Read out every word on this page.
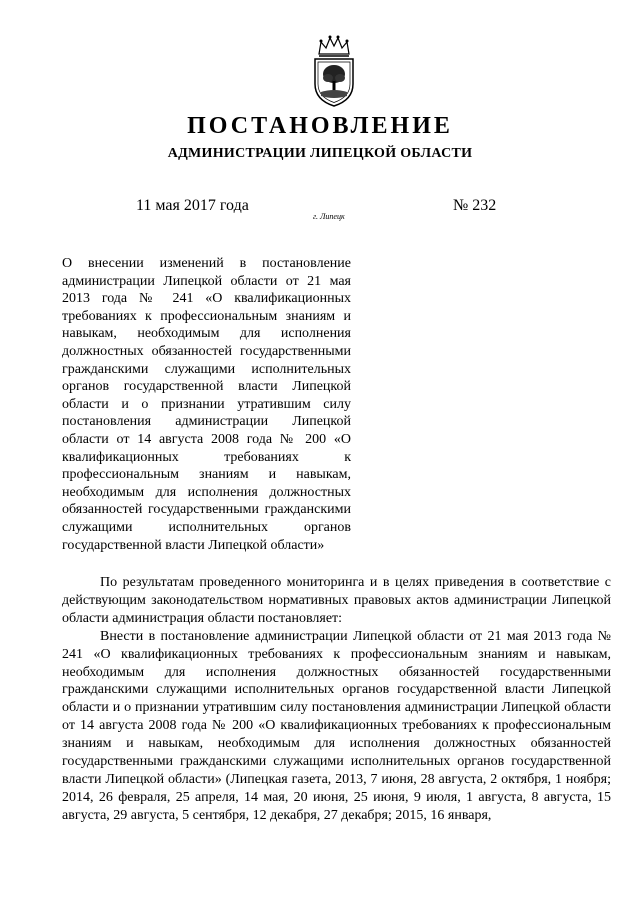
ПОСТАНОВЛЕНИЕ
АДМИНИСТРАЦИИ ЛИПЕЦКОЙ ОБЛАСТИ
11 мая 2017 года
г. Липецк
№ 232
О внесении изменений в постановление администрации Липецкой области от 21 мая 2013 года № 241 «О квалификационных требованиях к профессиональным знаниям и навыкам, необходимым для исполнения должностных обязанностей государственными гражданскими служащими исполнительных органов государственной власти Липецкой области и о признании утратившим силу постановления администрации Липецкой области от 14 августа 2008 года № 200 «О квалификационных требованиях к профессиональным знаниям и навыкам, необходимым для исполнения должностных обязанностей государственными гражданскими служащими исполнительных органов государственной власти Липецкой области»

По результатам проведенного мониторинга и в целях приведения в соответствие с действующим законодательством нормативных правовых актов администрации Липецкой области администрация области постановляет:

Внести в постановление администрации Липецкой области от 21 мая 2013 года № 241 «О квалификационных требованиях к профессиональным знаниям и навыкам, необходимым для исполнения должностных обязанностей государственными гражданскими служащими исполнительных органов государственной власти Липецкой области и о признании утратившим силу постановления администрации Липецкой области от 14 августа 2008 года № 200 «О квалификационных требованиях к профессиональным знаниям и навыкам, необходимым для исполнения должностных обязанностей государственными гражданскими служащими исполнительных органов государственной власти Липецкой области» (Липецкая газета, 2013, 7 июня, 28 августа, 2 октября, 1 ноября; 2014, 26 февраля, 25 апреля, 14 мая, 20 июня, 25 июня, 9 июля, 1 августа, 8 августа, 15 августа, 29 августа, 5 сентября, 12 декабря, 27 декабря; 2015, 16 января,
